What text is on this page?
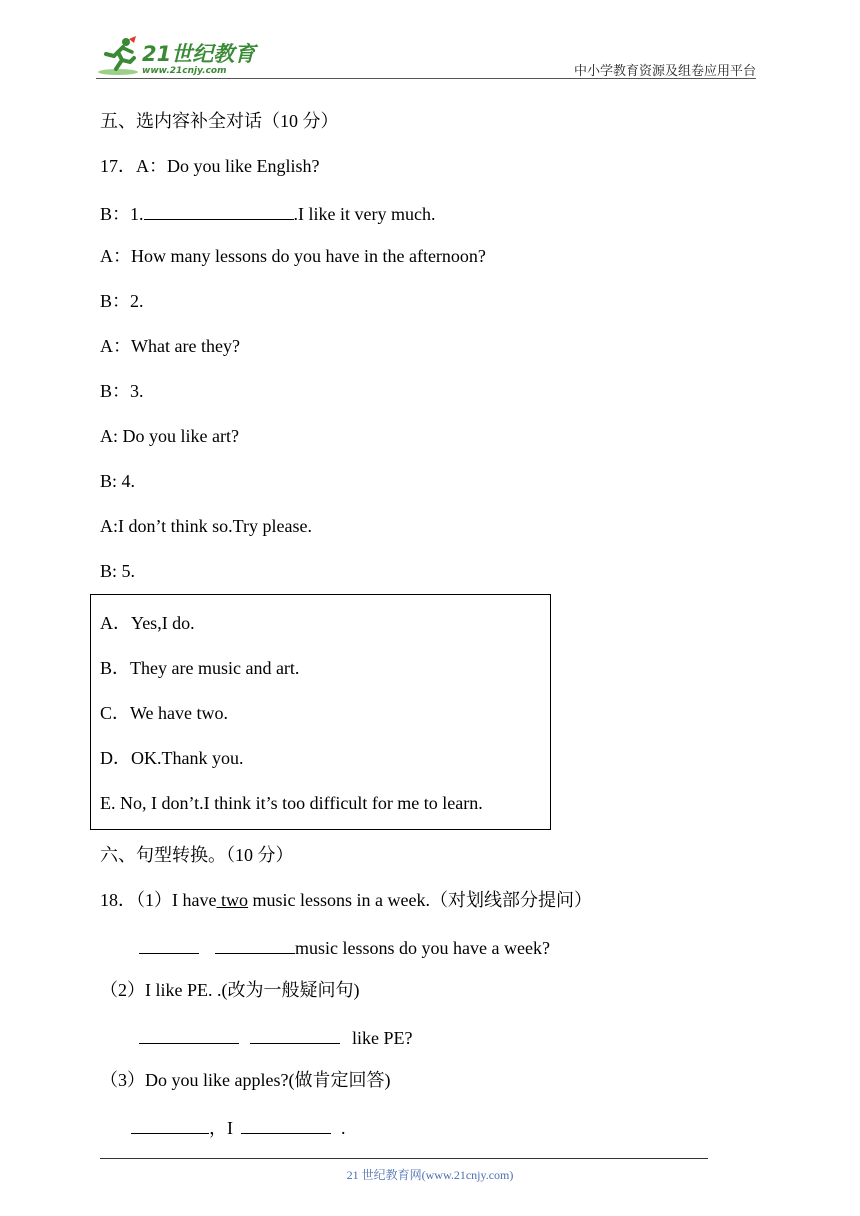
21世纪教育
www.21cnjy.com	中小学教育资源及组卷应用平台
五、选内容补全对话（10 分）
17．A：Do you like English?
B：1.	.I like it very much.
A：How many lessons do you have in the afternoon?
B：2.
A：What are they?
B：3.
A: Do you like art?
B: 4.
A:I don’t think so.Try please.
B: 5.
A．Yes,I do.
B．They are music and art.
C．We have two.
D．OK.Thank you.
E. No, I don’t.I think it’s too difficult for me to learn.
六、句型转换。（10 分）
18．（1）I have two music lessons in a week.（对划线部分提问）
music lessons do you have a week?
（2）I like PE. .(改为一般疑问句)
like PE?
（3）Do you like apples?(做肯定回答)
，I	.
21 世纪教育网(www.21cnjy.com)
